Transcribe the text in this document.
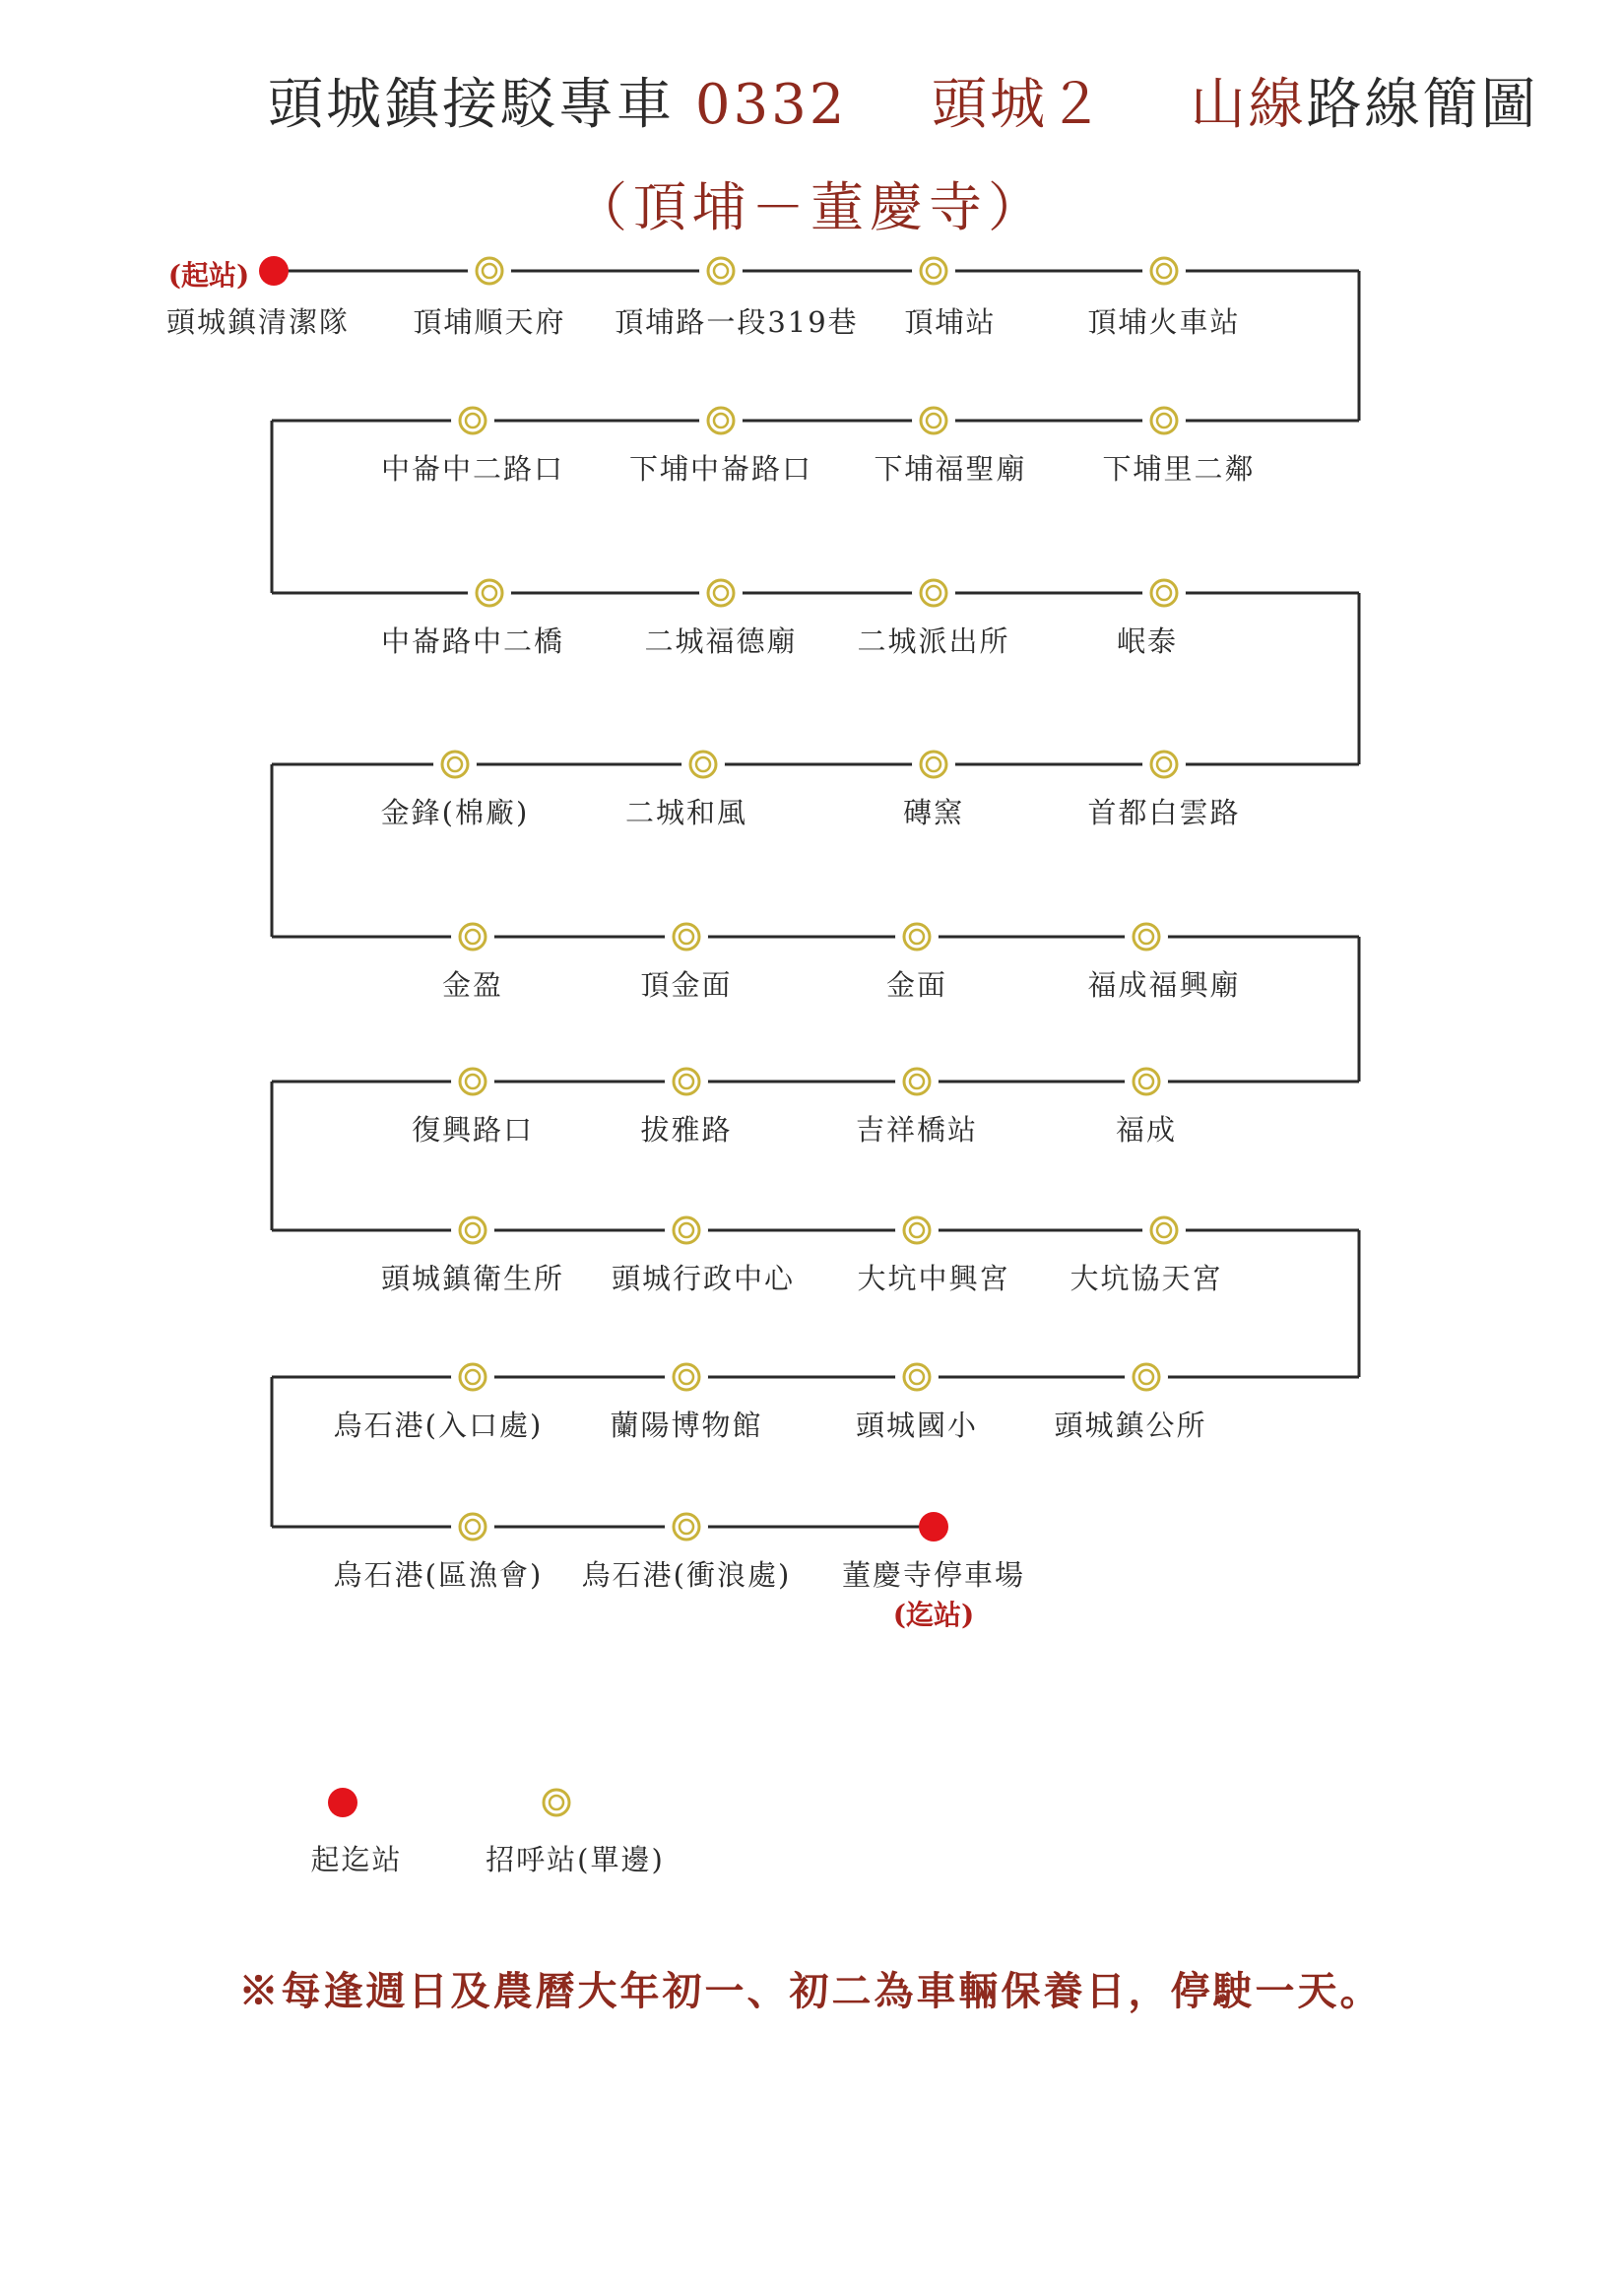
頭城鎮接駁專車 0332 頭城２ 山線路線簡圖
（頂埔－董慶寺）
頭城鎮清潔隊 頂埔順天府 頂埔路一段319巷 頂埔站	頂埔火車站
中崙中二路口 下埔中崙路口 下埔福聖廟	下埔里二鄰
中崙路中二橋	二城福德廟 二城派出所	岷泰
金鋒(棉廠)	二城和風	磚窯	首都白雲路
金盈	頂金面	金面	福成福興廟
復興路口	拔雅路	吉祥橋站	福成
頭城鎮衛生所 頭城行政中心 大坑中興宮 大坑協天宮
烏石港(入口處) 蘭陽博物館	頭城國小	頭城鎮公所
烏石港(區漁會) 烏石港(衝浪處) 董慶寺停車場
(起站)
(迄站)
起迄站	招呼站(單邊)
※每逢週日及農曆大年初一、初二為車輛保養日，停駛一天。
